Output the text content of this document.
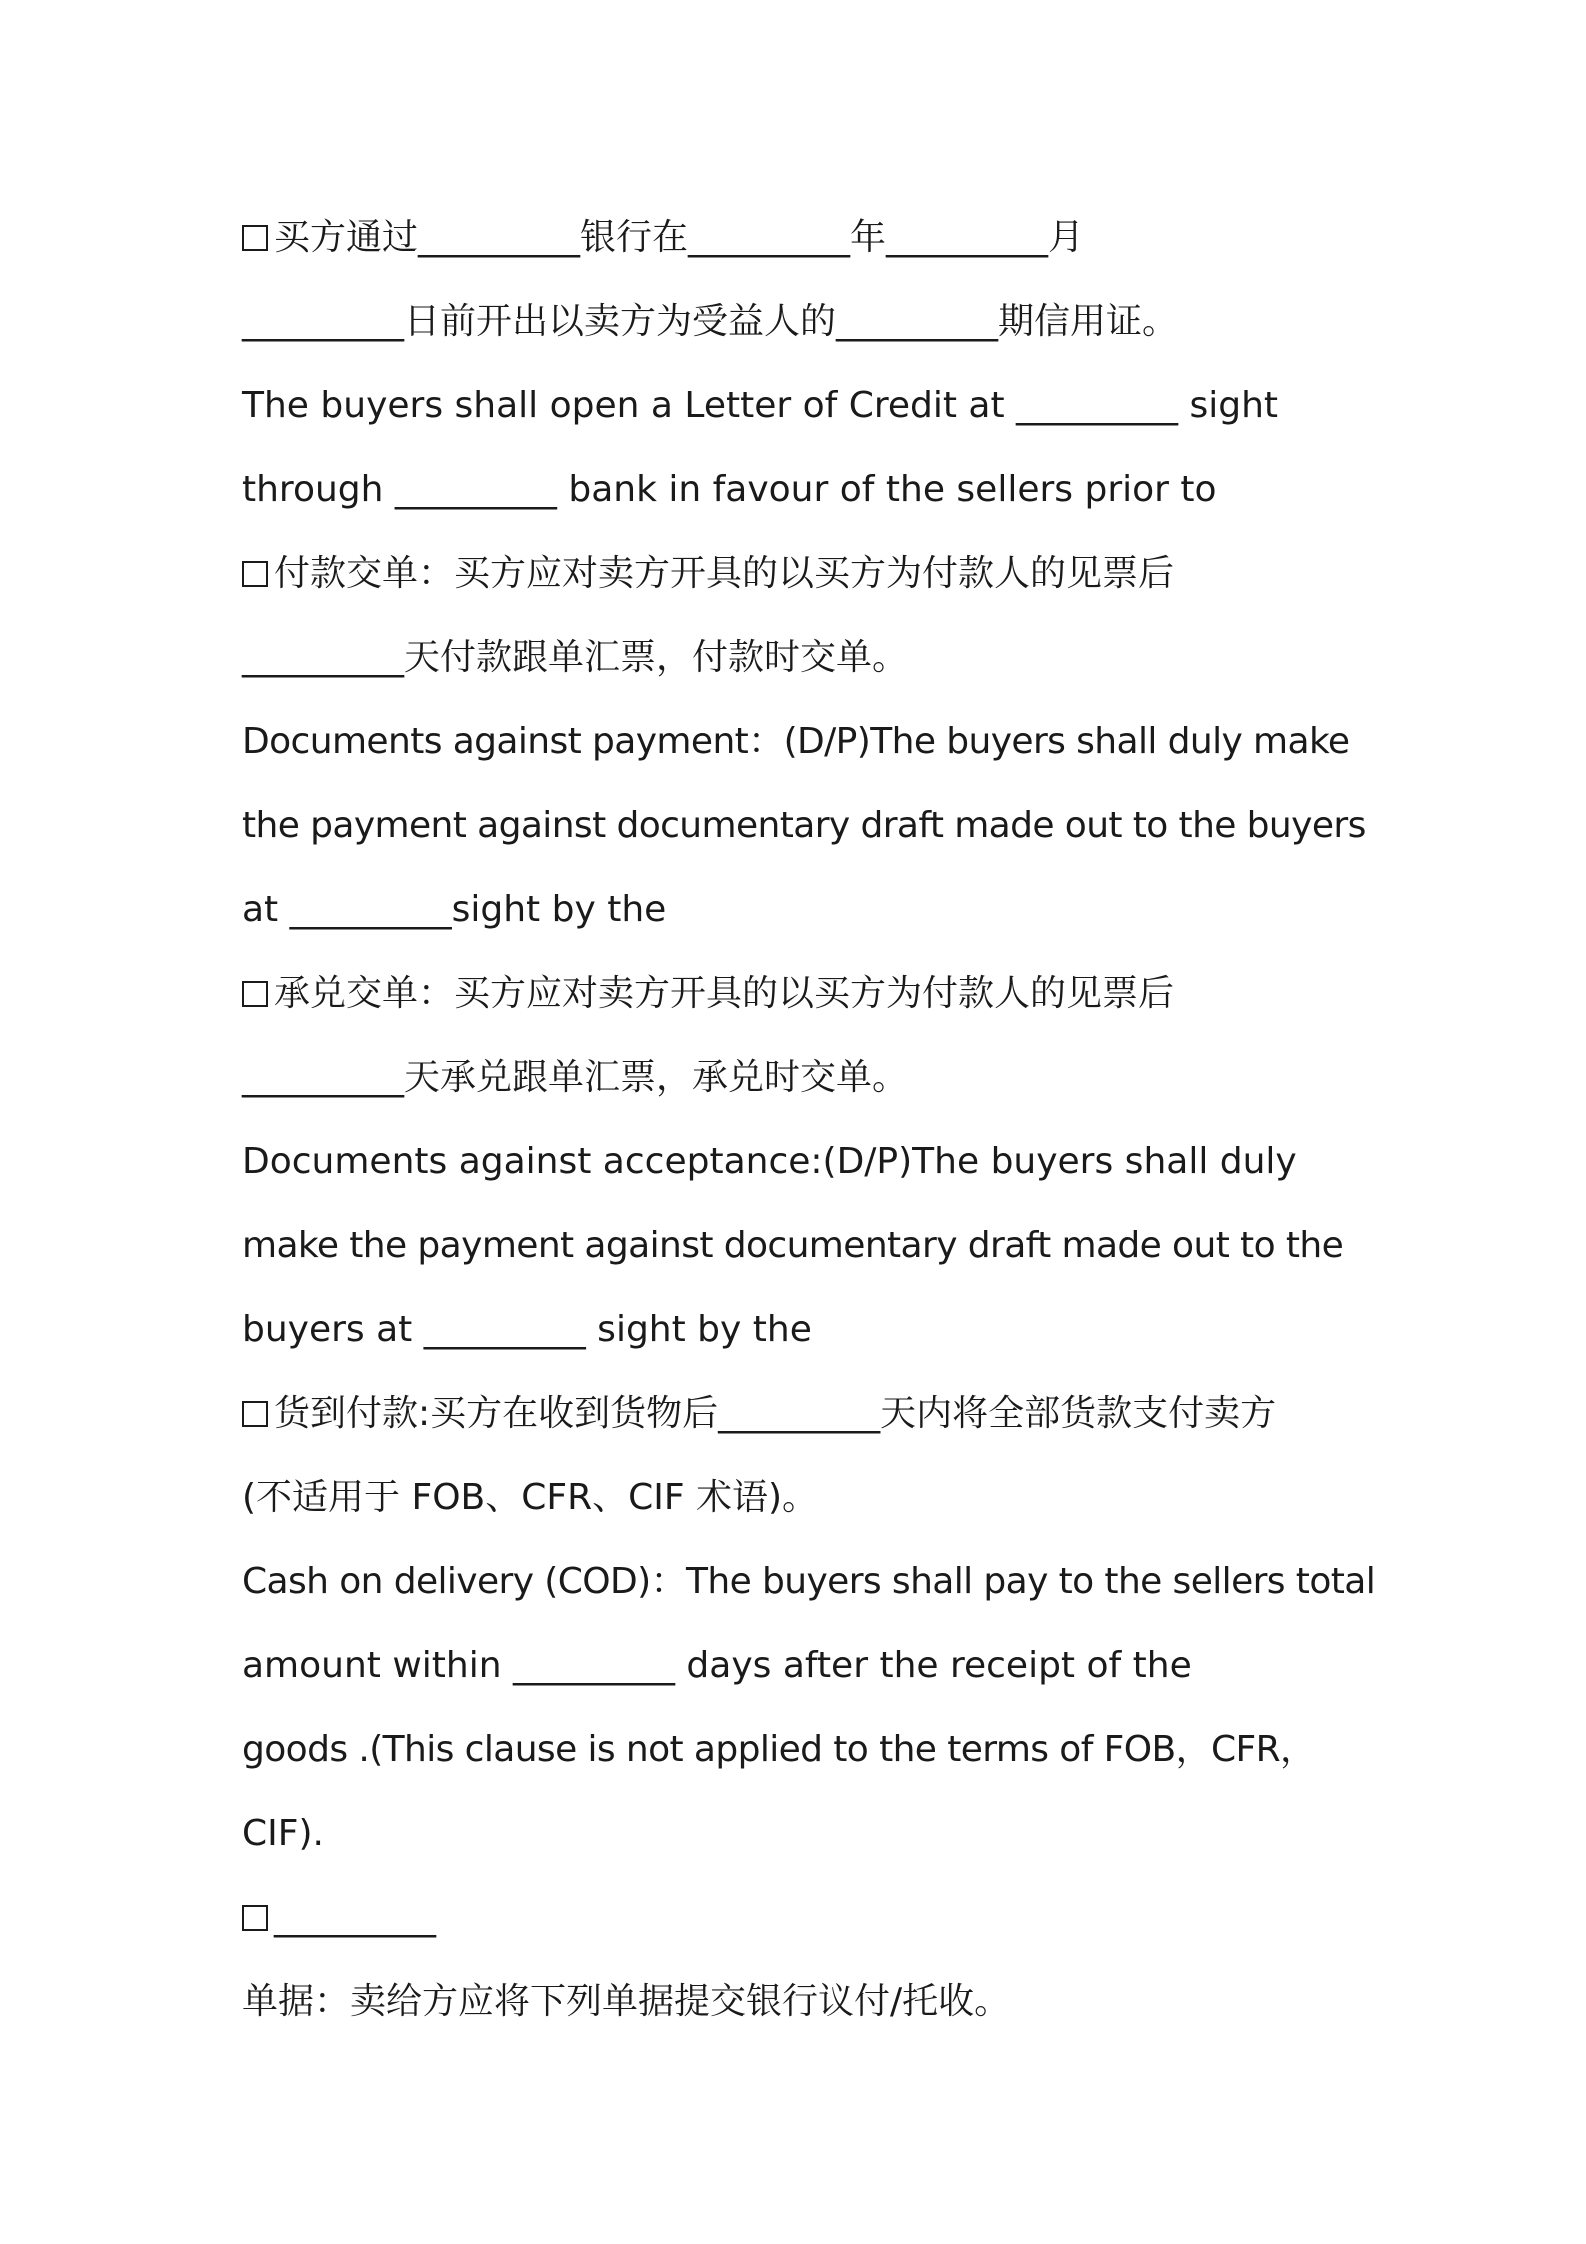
买方通过_________银行在_________年_________月
_________日前开出以卖方为受益人的_________期信用证。
The buyers shall open a Letter of Credit at _________ sight
through _________ bank in favour of the sellers prior to
付款交单：买方应对卖方开具的以买方为付款人的见票后
_________天付款跟单汇票，付款时交单。
Documents against payment：(D/P)The buyers shall duly make
the payment against documentary draft made out to the buyers
at _________sight by the
承兑交单：买方应对卖方开具的以买方为付款人的见票后
_________天承兑跟单汇票，承兑时交单。
Documents against acceptance:(D/P)The buyers shall duly
make the payment against documentary draft made out to the
buyers at _________ sight by the
货到付款:买方在收到货物后_________天内将全部货款支付卖方
(不适用于 FOB、CFR、CIF 术语)。
Cash on delivery (COD)：The buyers shall pay to the sellers total
amount within _________ days after the receipt of the
goods .(This clause is not applied to the terms of FOB，CFR，
CIF).
_________
单据：卖给方应将下列单据提交银行议付/托收。
